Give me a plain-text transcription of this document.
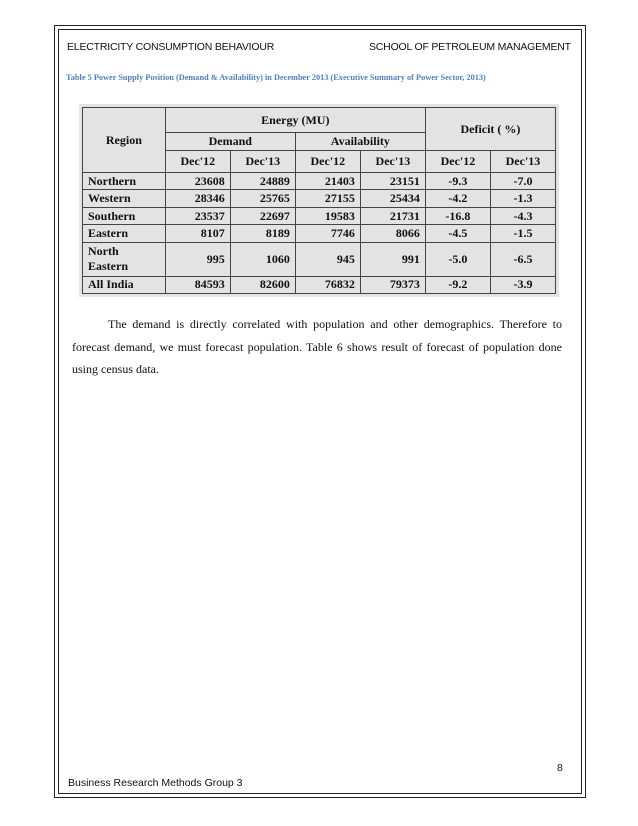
ELECTRICITY CONSUMPTION BEHAVIOUR	SCHOOL OF PETROLEUM MANAGEMENT
Table 5 Power Supply Position (Demand & Availability) in December 2013 (Executive Summary of Power Sector, 2013)
Region	Energy (MU)				Deficit ( %)	
	Demand		Availability			
	Dec'12	Dec'13	Dec'12	Dec'13	Dec'12	Dec'13
Northern	23608	24889	21403	23151	-9.3	-7.0
Western	28346	25765	27155	25434	-4.2	-1.3
Southern	23537	22697	19583	21731	-16.8	-4.3
Eastern	8107	8189	7746	8066	-4.5	-1.5
North Eastern	995	1060	945	991	-5.0	-6.5
All India	84593	82600	76832	79373	-9.2	-3.9

The demand is directly correlated with population and other demographics. Therefore to forecast demand, we must forecast population. Table 6 shows result of forecast of population done using census data.

8
Business Research Methods Group 3
